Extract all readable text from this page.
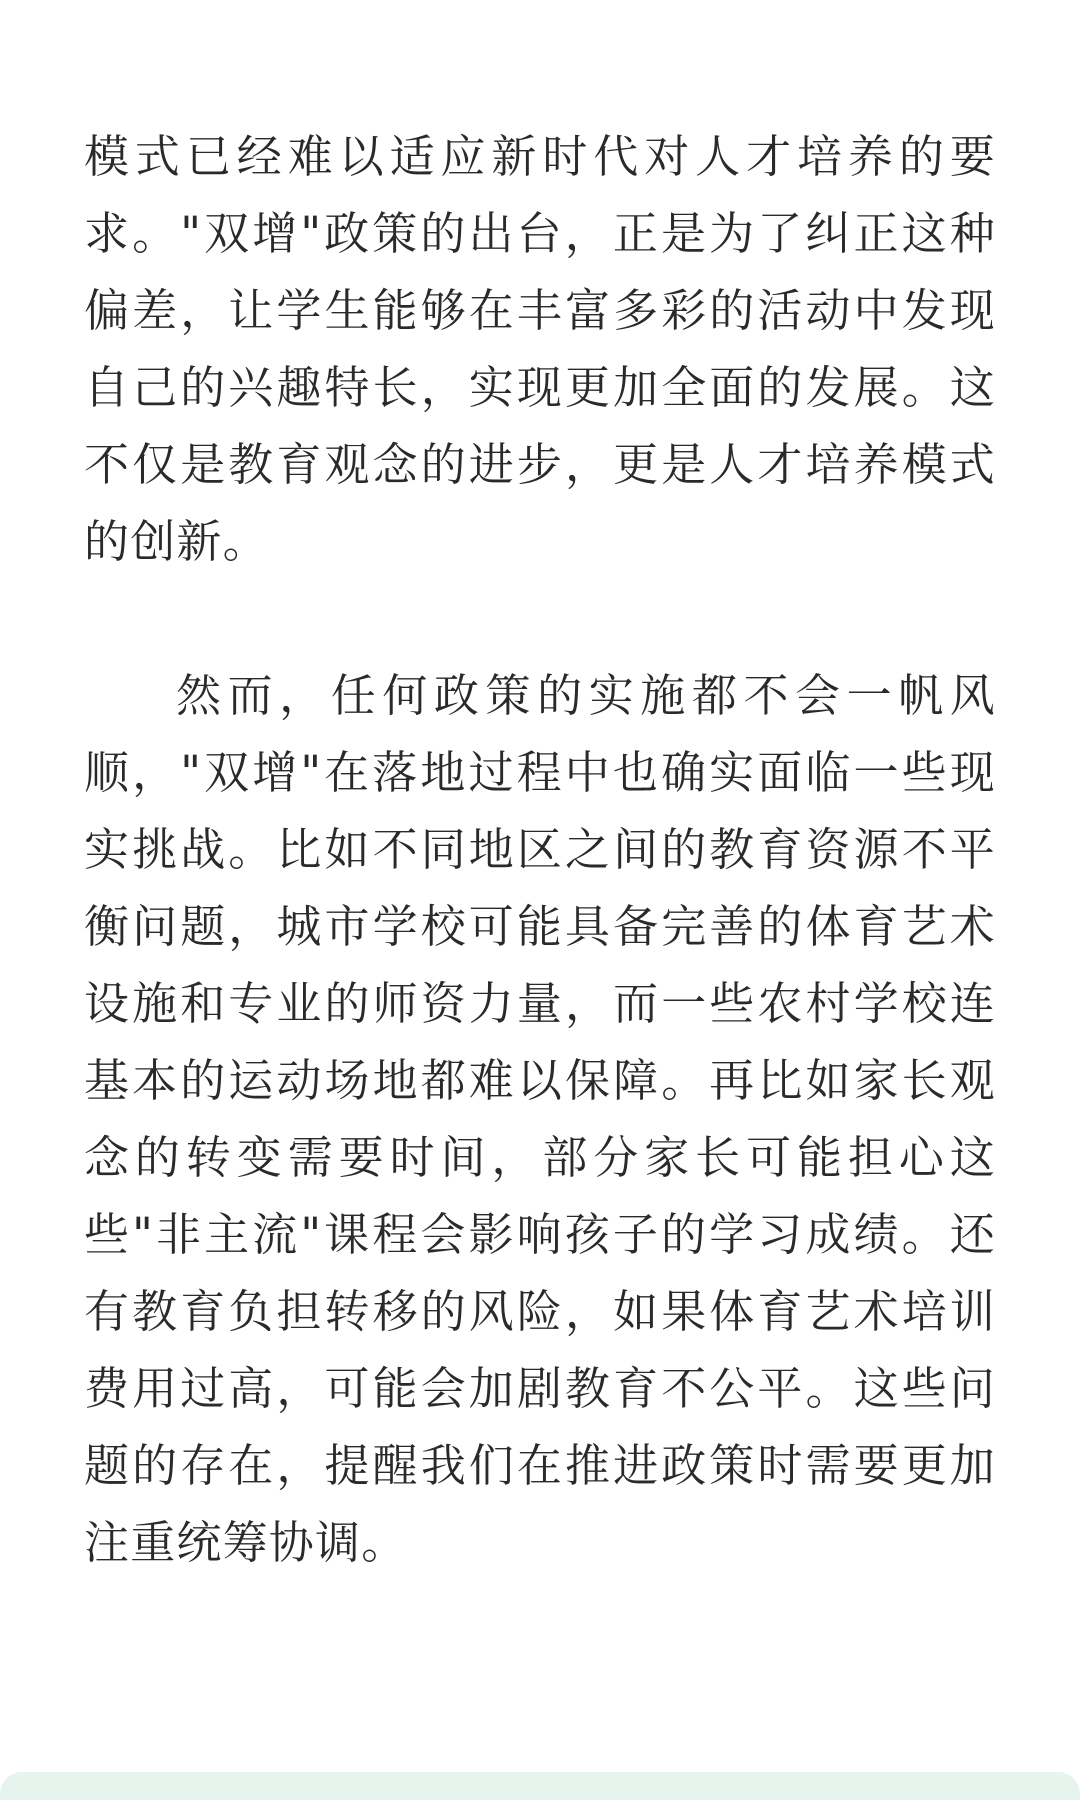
模式已经难以适应新时代对人才培养的要求。"双增"政策的出台，正是为了纠正这种偏差，让学生能够在丰富多彩的活动中发现自己的兴趣特长，实现更加全面的发展。这不仅是教育观念的进步，更是人才培养模式的创新。

然而，任何政策的实施都不会一帆风顺，"双增"在落地过程中也确实面临一些现实挑战。比如不同地区之间的教育资源不平衡问题，城市学校可能具备完善的体育艺术设施和专业的师资力量，而一些农村学校连基本的运动场地都难以保障。再比如家长观念的转变需要时间，部分家长可能担心这些"非主流"课程会影响孩子的学习成绩。还有教育负担转移的风险，如果体育艺术培训费用过高，可能会加剧教育不公平。这些问题的存在，提醒我们在推进政策时需要更加注重统筹协调。
